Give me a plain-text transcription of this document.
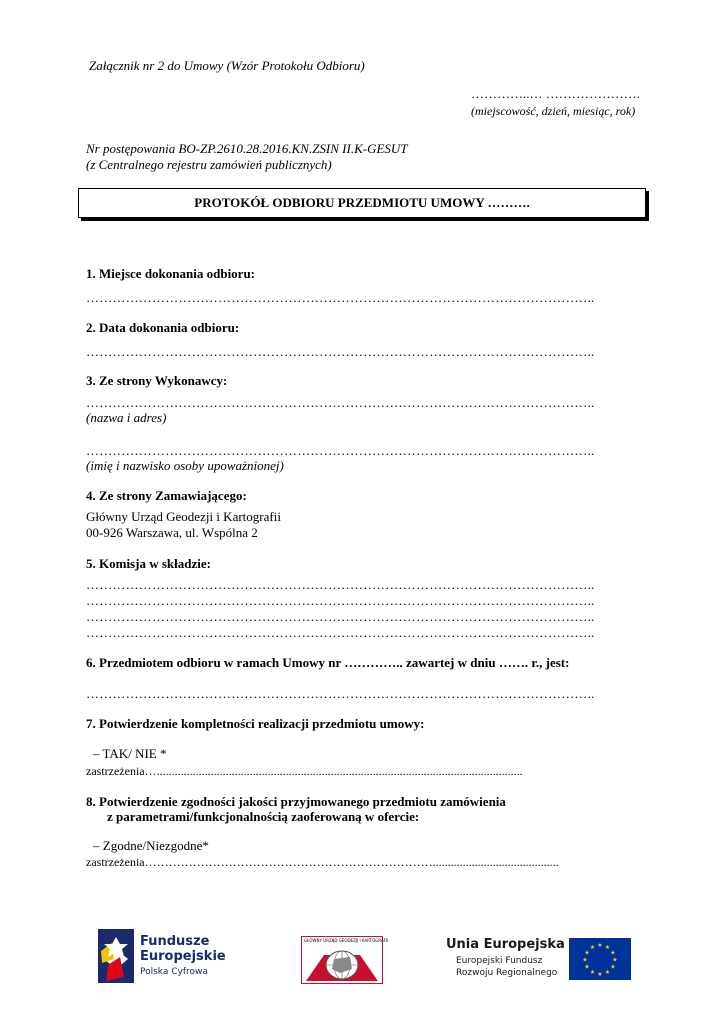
Załącznik nr 2 do Umowy (Wzór Protokołu Odbioru)
…………..… ………………….
(miejscowość, dzień, miesiąc, rok)
Nr postępowania BO-ZP.2610.28.2016.KN.ZSIN II.K-GESUT
(z Centralnego rejestru zamówień publicznych)
PROTOKÓŁ ODBIORU PRZEDMIOTU UMOWY ……….
1. Miejsce dokonania odbioru:
……………………………………………………………………………………………………..
2. Data dokonania odbioru:
……………………………………………………………………………………………………..
3. Ze strony Wykonawcy:
……………………………………………………………………………………………………..
(nazwa i adres)
……………………………………………………………………………………………………..
(imię i nazwisko osoby upoważnionej)
4. Ze strony Zamawiającego:
Główny Urząd Geodezji i Kartografii
00-926 Warszawa, ul. Wspólna 2
5. Komisja w składzie:
……………………………………………………………………………………………………..
……………………………………………………………………………………………………..
……………………………………………………………………………………………………..
……………………………………………………………………………………………………..
6. Przedmiotem odbioru w ramach Umowy nr ………….. zawartej w dniu ……. r., jest:
……………………………………………………………………………………………………..
7. Potwierdzenie kompletności realizacji przedmiotu umowy:
– TAK/ NIE *
zastrzeżenia…..........................................................................................................................
8. Potwierdzenie zgodności jakości przyjmowanego przedmiotu zamówienia
z parametrami/funkcjonalnością zaoferowaną w ofercie:
– Zgodne/Niezgodne*
zastrzeżenia………………………………………………………………..........................................
Fundusze
Europejskie
Polska Cyfrowa
GŁÓWNY URZĄD GEODEZJI I KARTOGRAFII	Unia Europejska
Europejski Fundusz
Rozwoju Regionalnego
★ ★
★
★
★
★
★
★
★
★
★
★
